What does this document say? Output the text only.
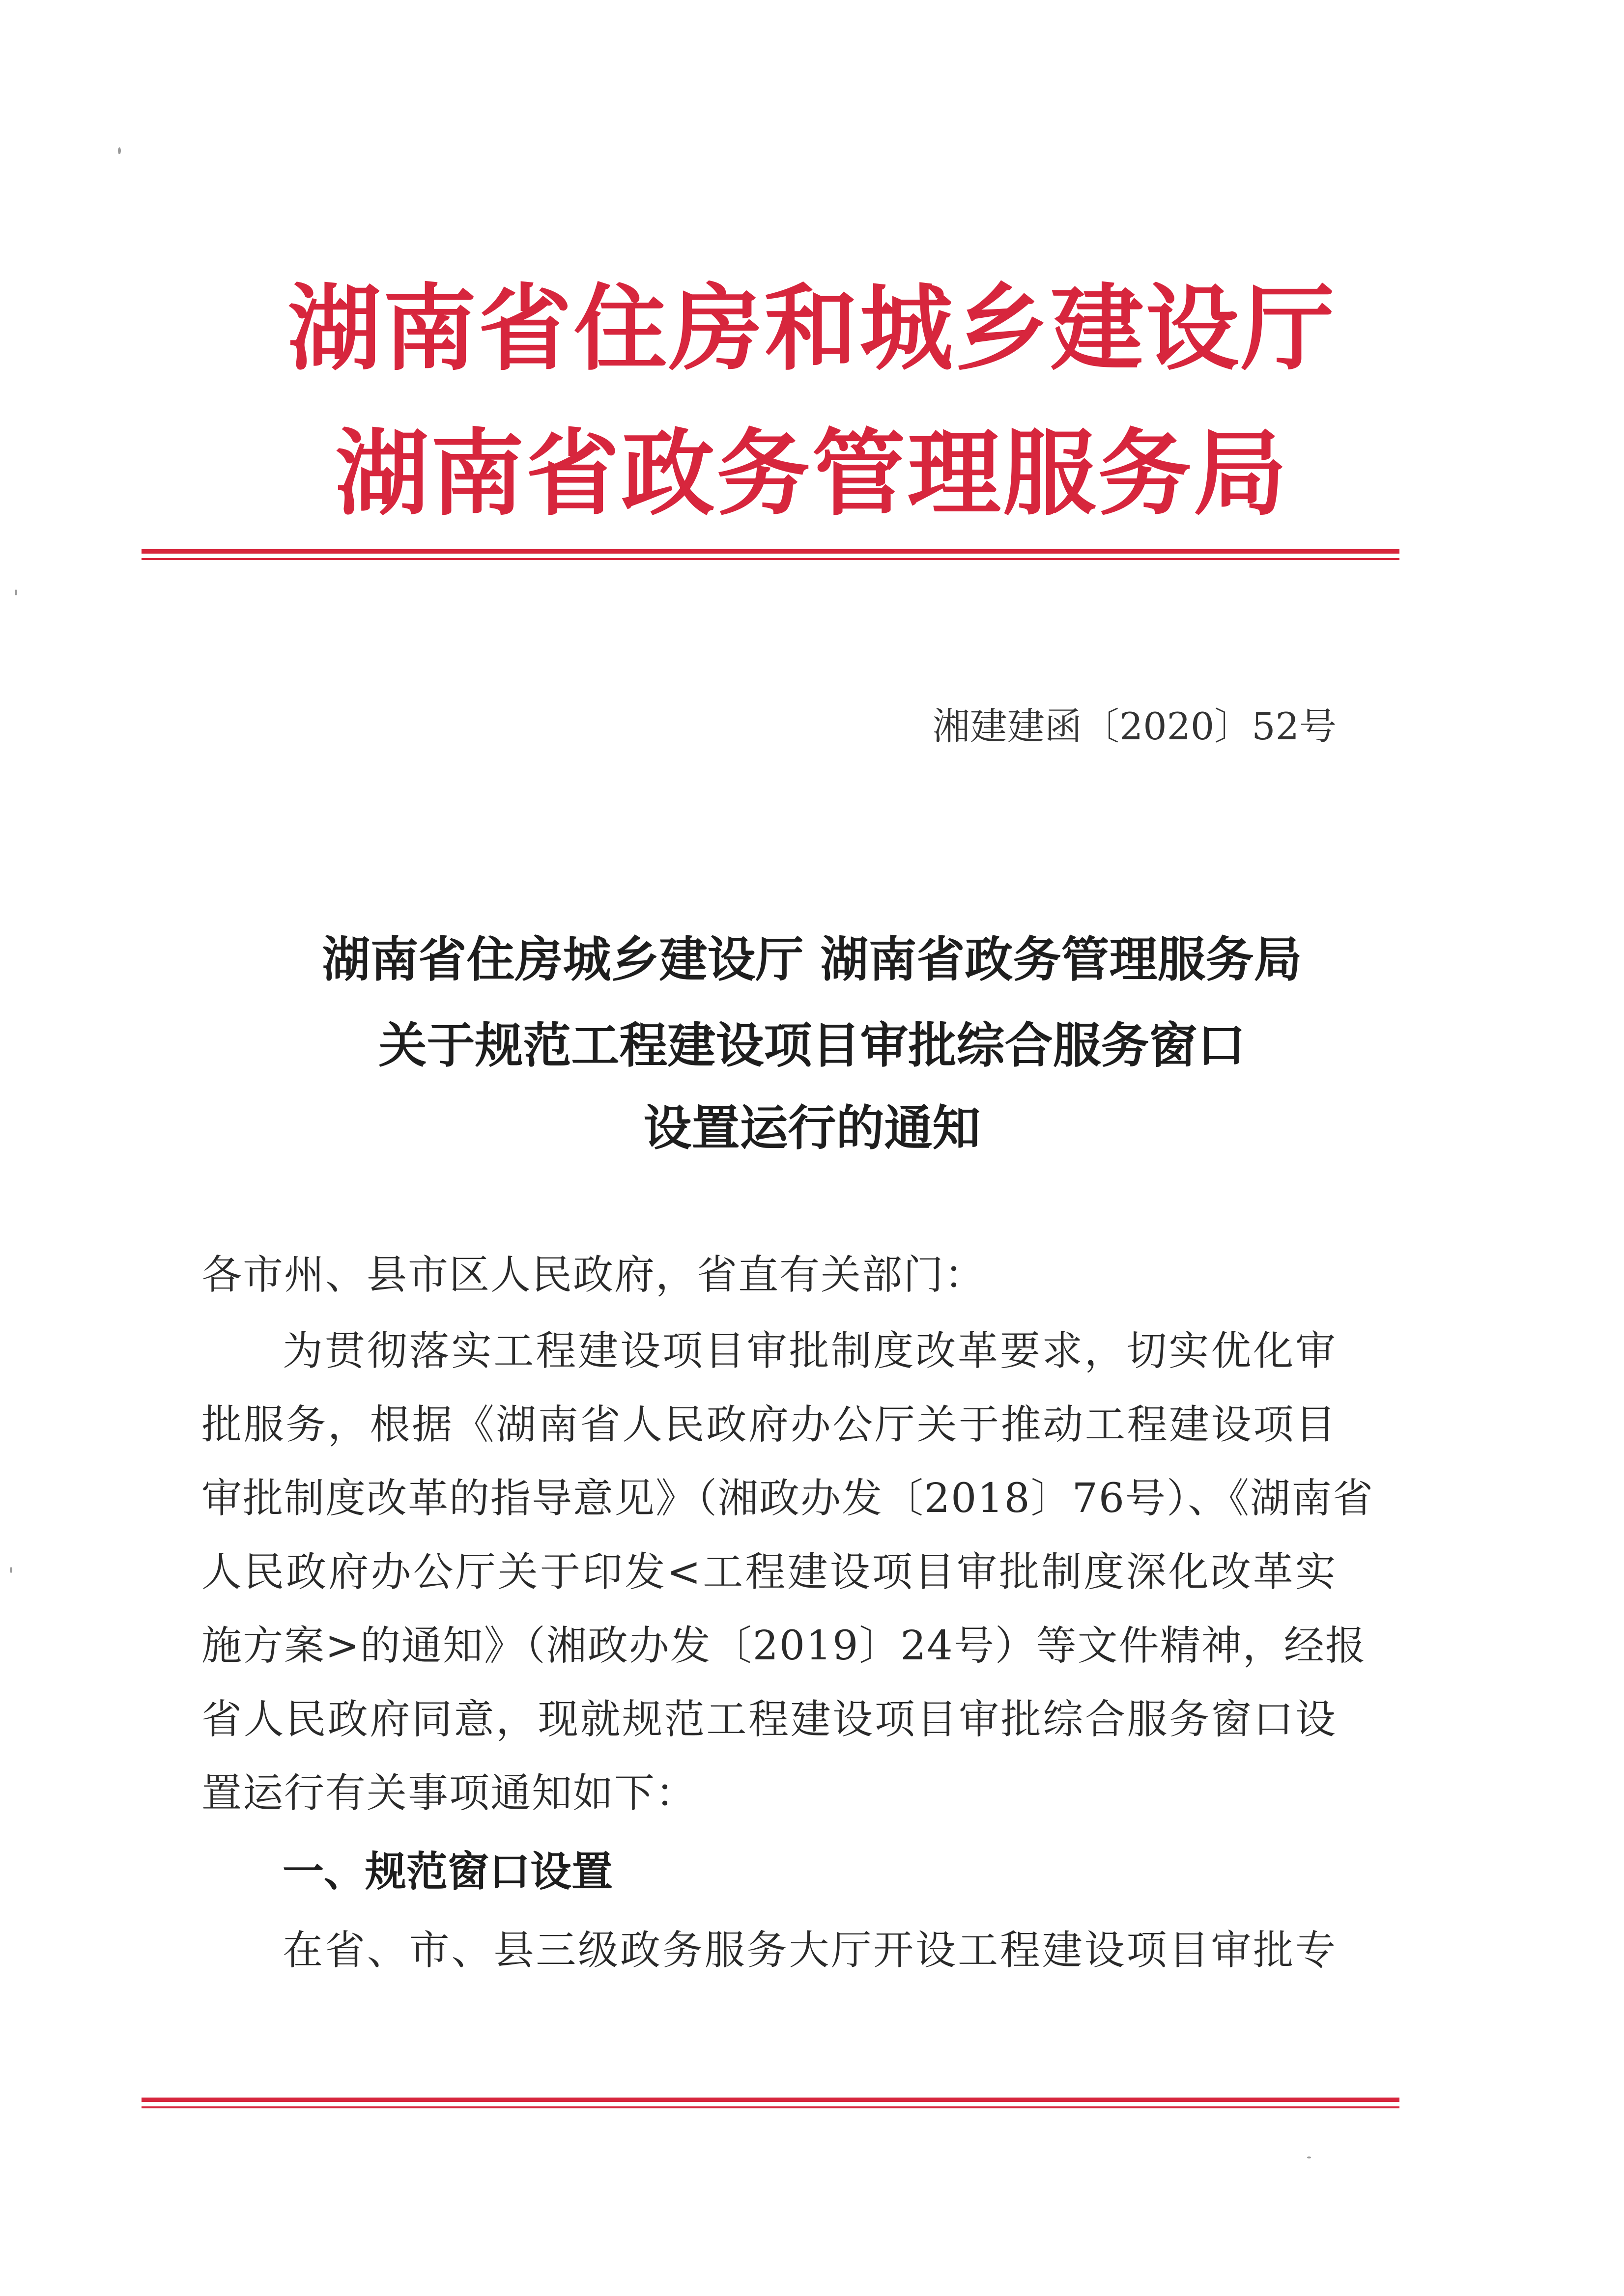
湖南省住房和城乡建设厅
湖南省政务管理服务局
湘建建函〔2020〕52号
湖南省住房城乡建设厅 湖南省政务管理服务局
关于规范工程建设项目审批综合服务窗口
设置运行的通知
各市州、县市区人民政府，省直有关部门：
为贯彻落实工程建设项目审批制度改革要求，切实优化审
批服务，根据《湖南省人民政府办公厅关于推动工程建设项目
审批制度改革的指导意见》（湘政办发〔2018〕76号）、《湖南省
人民政府办公厅关于印发<工程建设项目审批制度深化改革实
施方案>的通知》（湘政办发〔2019〕24号）等文件精神，经报
省人民政府同意，现就规范工程建设项目审批综合服务窗口设
置运行有关事项通知如下：
一、规范窗口设置
在省、市、县三级政务服务大厅开设工程建设项目审批专
